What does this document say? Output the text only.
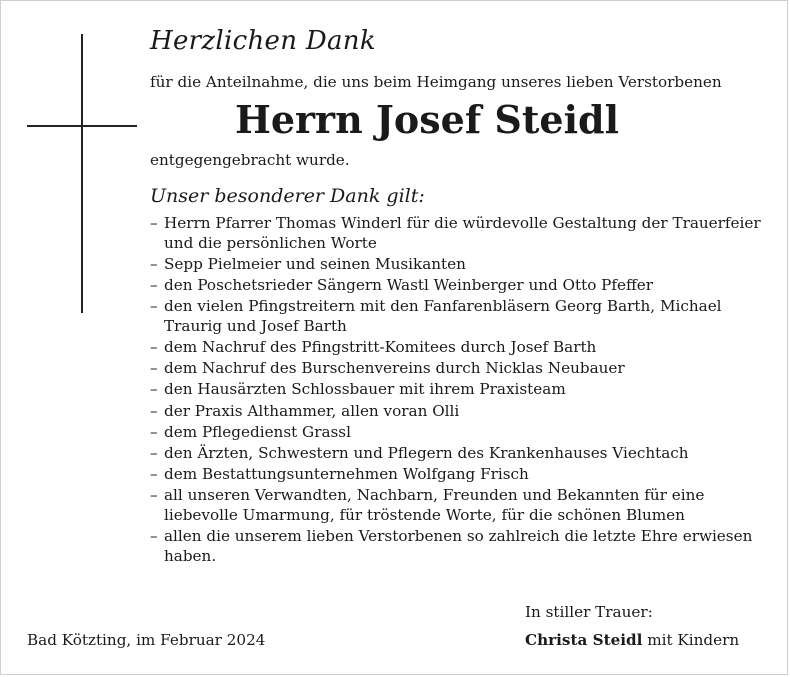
Herzlichen Dank
für die Anteilnahme, die uns beim Heimgang unseres lieben Verstorbenen
Herrn Josef Steidl
entgegengebracht wurde.
Unser besonderer Dank gilt:
– Herrn Pfarrer Thomas Winderl für die würdevolle Gestaltung der Trauerfeier und die persönlichen Worte
– Sepp Pielmeier und seinen Musikanten
– den Poschetsrieder Sängern Wastl Weinberger und Otto Pfeffer
– den vielen Pfingstreitern mit den Fanfarenbläsern Georg Barth, Michael Traurig und Josef Barth
– dem Nachruf des Pfingstritt-Komitees durch Josef Barth
– dem Nachruf des Burschenvereins durch Nicklas Neubauer
– den Hausärzten Schlossbauer mit ihrem Praxisteam
– der Praxis Althammer, allen voran Olli
– dem Pflegedienst Grassl
– den Ärzten, Schwestern und Pflegern des Krankenhauses Viechtach
– dem Bestattungsunternehmen Wolfgang Frisch
– all unseren Verwandten, Nachbarn, Freunden und Bekannten für eine liebevolle Umarmung, für tröstende Worte, für die schönen Blumen
– allen die unserem lieben Verstorbenen so zahlreich die letzte Ehre erwiesen haben.
In stiller Trauer:
Bad Kötzting, im Februar 2024	Christa Steidl mit Kindern
